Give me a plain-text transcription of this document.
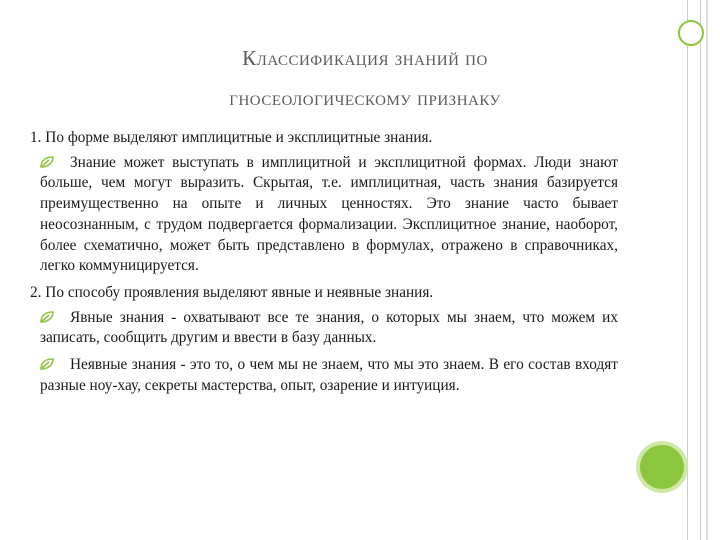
Классификация знаний по
гносеологическому признаку

1. По форме выделяют имплицитные и эксплицитные знания.

Знание может выступать в имплицитной и эксплицитной формах. Люди знают больше, чем могут выразить. Скрытая, т.е. имплицитная, часть знания базируется преимущественно на опыте и личных ценностях. Это знание часто бывает неосознанным, с трудом подвергается формализации. Эксплицитное знание, наоборот, более схематично, может быть представлено в формулах, отражено в справочниках, легко коммуницируется.

2. По способу проявления выделяют явные и неявные знания.

Явные знания - охватывают все те знания, о которых мы знаем, что можем их записать, сообщить другим и ввести в базу данных.

Неявные знания - это то, о чем мы не знаем, что мы это знаем. В его состав входят разные ноу-хау, секреты мастерства, опыт, озарение и интуиция.
